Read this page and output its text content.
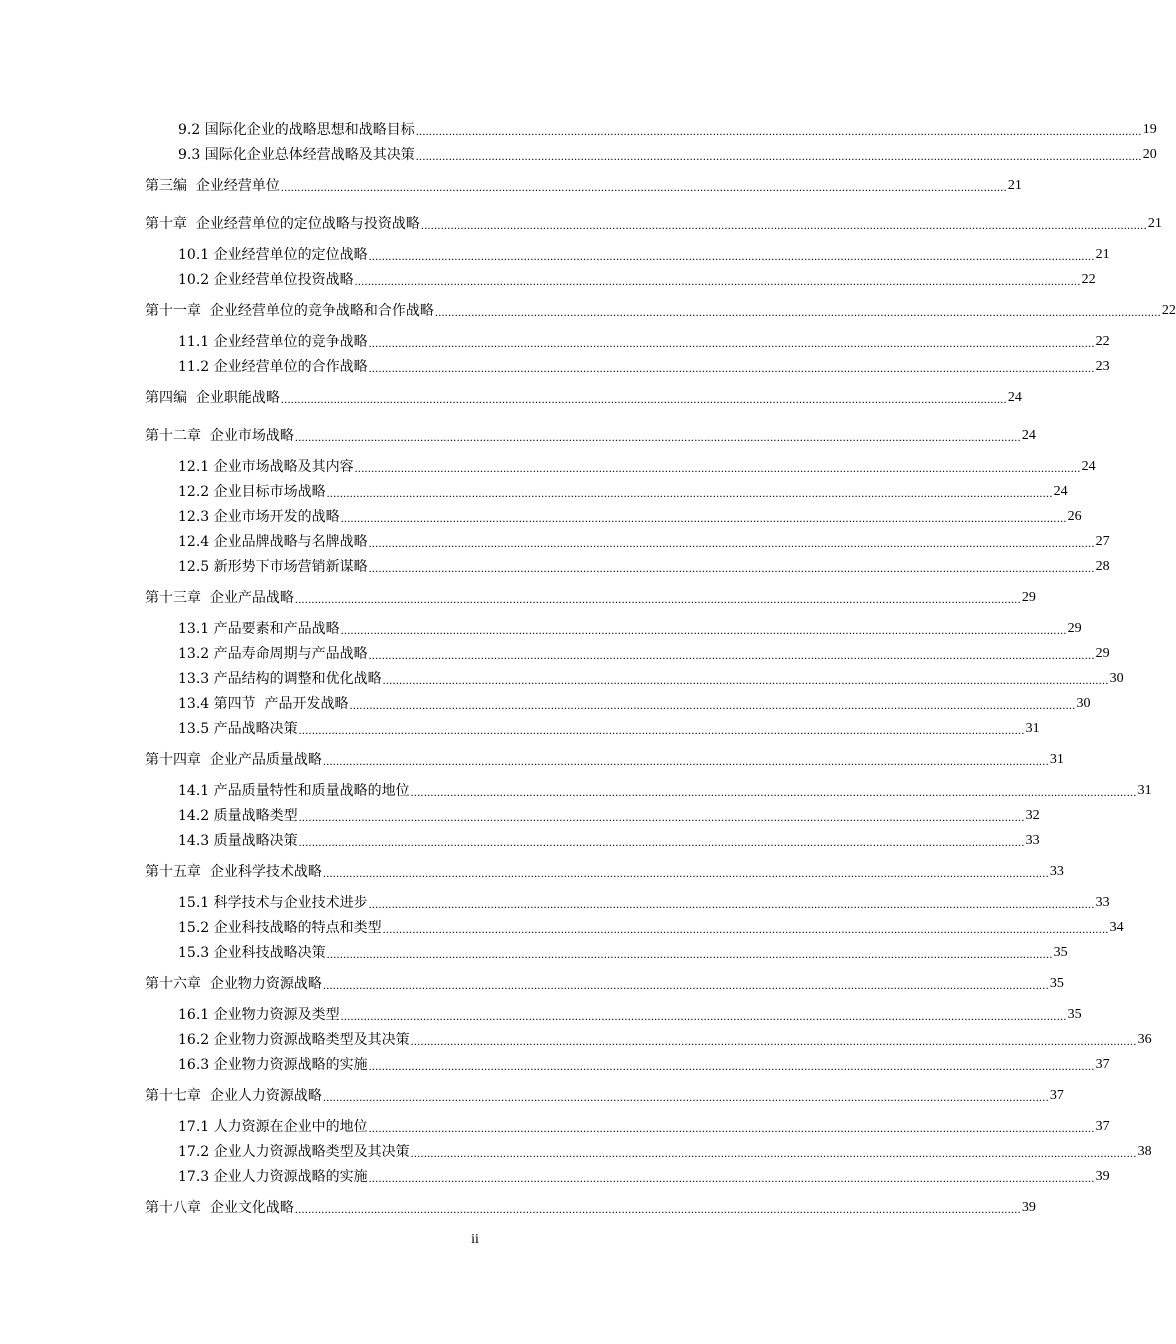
9.2 国际化企业的战略思想和战略目标 ............................................................................................................................................................................................................................ 19
9.3 国际化企业总体经营战略及其决策 ............................................................................................................................................................................................................................ 20
第三编  企业经营单位 ............................................................................................................................................................................................................................ 21
第十章  企业经营单位的定位战略与投资战略 ............................................................................................................................................................................................................................ 21
10.1 企业经营单位的定位战略 ............................................................................................................................................................................................................................ 21
10.2 企业经营单位投资战略 ............................................................................................................................................................................................................................ 22
第十一章  企业经营单位的竞争战略和合作战略 ............................................................................................................................................................................................................................ 22
11.1 企业经营单位的竞争战略 ............................................................................................................................................................................................................................ 22
11.2 企业经营单位的合作战略 ............................................................................................................................................................................................................................ 23
第四编  企业职能战略 ............................................................................................................................................................................................................................ 24
第十二章  企业市场战略 ............................................................................................................................................................................................................................ 24
12.1 企业市场战略及其内容 ............................................................................................................................................................................................................................ 24
12.2 企业目标市场战略 ............................................................................................................................................................................................................................ 24
12.3 企业市场开发的战略 ............................................................................................................................................................................................................................ 26
12.4 企业品牌战略与名牌战略 ............................................................................................................................................................................................................................ 27
12.5 新形势下市场营销新谋略 ............................................................................................................................................................................................................................ 28
第十三章  企业产品战略 ............................................................................................................................................................................................................................ 29
13.1 产品要素和产品战略 ............................................................................................................................................................................................................................ 29
13.2 产品寿命周期与产品战略 ............................................................................................................................................................................................................................ 29
13.3 产品结构的调整和优化战略 ............................................................................................................................................................................................................................ 30
13.4 第四节  产品开发战略 ............................................................................................................................................................................................................................ 30
13.5 产品战略决策 ............................................................................................................................................................................................................................ 31
第十四章  企业产品质量战略 ............................................................................................................................................................................................................................ 31
14.1 产品质量特性和质量战略的地位 ............................................................................................................................................................................................................................ 31
14.2 质量战略类型 ............................................................................................................................................................................................................................ 32
14.3 质量战略决策 ............................................................................................................................................................................................................................ 33
第十五章  企业科学技术战略 ............................................................................................................................................................................................................................ 33
15.1 科学技术与企业技术进步 ............................................................................................................................................................................................................................ 33
15.2 企业科技战略的特点和类型 ............................................................................................................................................................................................................................ 34
15.3 企业科技战略决策 ............................................................................................................................................................................................................................ 35
第十六章  企业物力资源战略 ............................................................................................................................................................................................................................ 35
16.1 企业物力资源及类型 ............................................................................................................................................................................................................................ 35
16.2 企业物力资源战略类型及其决策 ............................................................................................................................................................................................................................ 36
16.3 企业物力资源战略的实施 ............................................................................................................................................................................................................................ 37
第十七章  企业人力资源战略 ............................................................................................................................................................................................................................ 37
17.1 人力资源在企业中的地位 ............................................................................................................................................................................................................................ 37
17.2 企业人力资源战略类型及其决策 ............................................................................................................................................................................................................................ 38
17.3 企业人力资源战略的实施 ............................................................................................................................................................................................................................ 39
第十八章  企业文化战略 ............................................................................................................................................................................................................................ 39
ii
